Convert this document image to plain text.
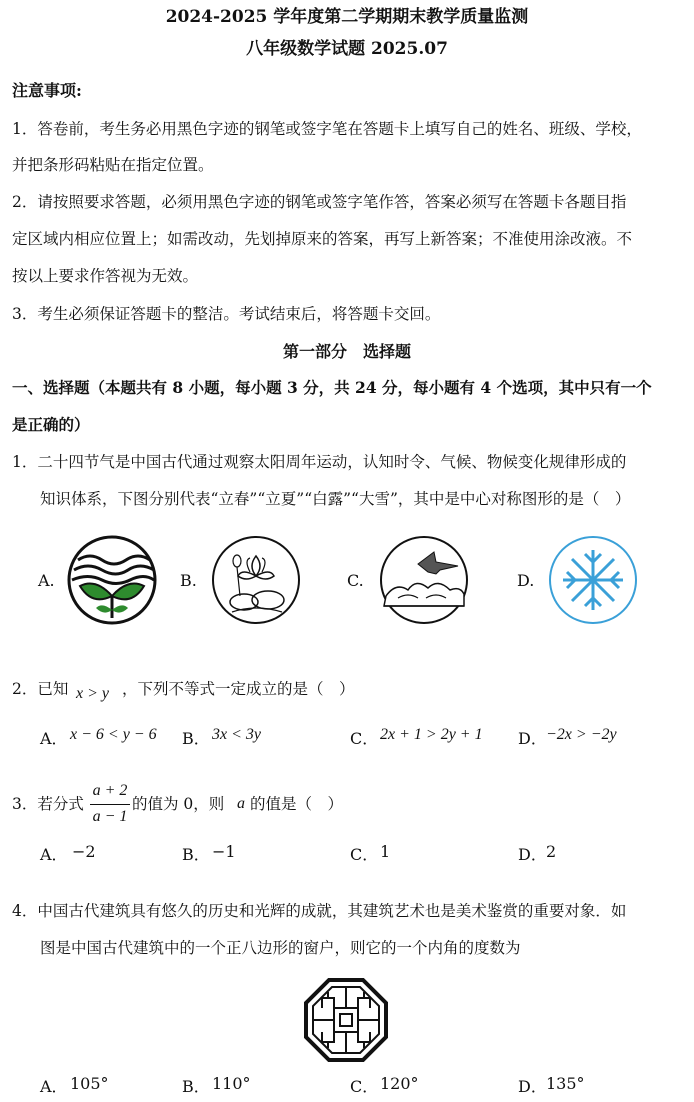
2024-2025 学年度第二学期期末教学质量监测
八年级数学试题 2025.07
注意事项:
1．答卷前，考生务必用黑色字迹的钢笔或签字笔在答题卡上填写自己的姓名、班级、学校，
并把条形码粘贴在指定位置。
2．请按照要求答题，必须用黑色字迹的钢笔或签字笔作答，答案必须写在答题卡各题目指
定区域内相应位置上；如需改动，先划掉原来的答案，再写上新答案；不准使用涂改液。不
按以上要求作答视为无效。
3．考生必须保证答题卡的整洁。考试结束后，将答题卡交回。
第一部分　选择题
一、选择题（本题共有 8 小题，每小题 3 分，共 24 分，每小题有 4 个选项，其中只有一个
是正确的）
1．二十四节气是中国古代通过观察太阳周年运动，认知时令、气候、物候变化规律形成的
知识体系，下图分别代表“立春”“立夏”“白露”“大雪”，其中是中心对称图形的是（　）
A.	B.	C.	D.
2．已知 x > y ，下列不等式一定成立的是（　）
A． x − 6 < y − 6 B． 3x < 3y	C． 2x + 1 > 2y + 1 D． −2x > −2y
3．若分式
a + 2
a − 1
的值为 0，则 a 的值是（　）
A． −2	B． −1	C． 1	D． 2
4．中国古代建筑具有悠久的历史和光辉的成就，其建筑艺术也是美术鉴赏的重要对象．如
图是中国古代建筑中的一个正八边形的窗户，则它的一个内角的度数为
A． 105°	B． 110°	C． 120°	D． 135°
